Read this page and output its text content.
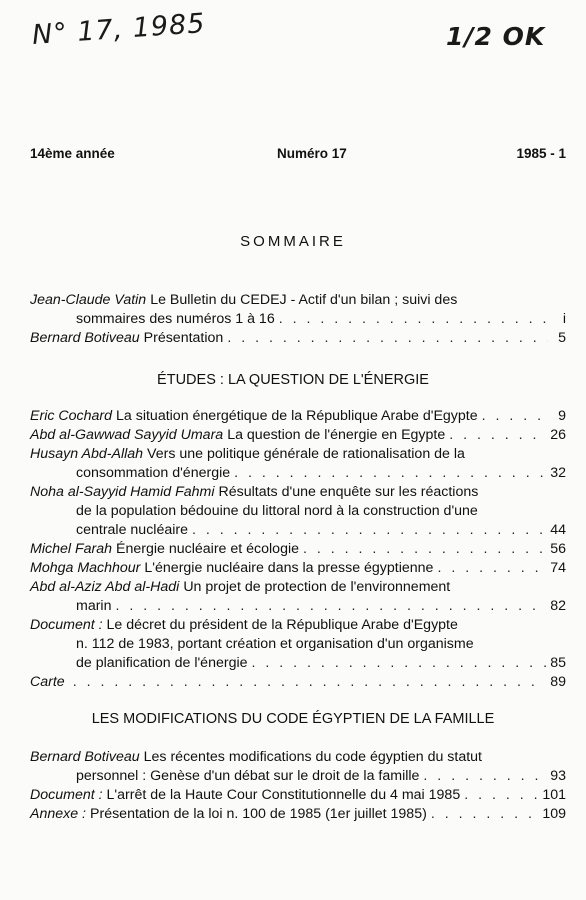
N° 17, 1985	1/2 OK
14ème année	Numéro 17	1985 - 1
SOMMAIRE
Jean-Claude Vatin Le Bulletin du CEDEJ - Actif d'un bilan ; suivi des
sommaires des numéros 1 à 16 . . .	i
Bernard Botiveau Présentation . . .	5
ÉTUDES : LA QUESTION DE L'ÉNERGIE
Eric Cochard La situation énergétique de la République Arabe d'Egypte . . .	9
Abd al-Gawwad Sayyid Umara La question de l'énergie en Egypte . . .	26
Husayn Abd-Allah Vers une politique générale de rationalisation de la
consommation d'énergie . . .	32
Noha al-Sayyid Hamid Fahmi Résultats d'une enquête sur les réactions
de la population bédouine du littoral nord à la construction d'une
centrale nucléaire . . .	44
Michel Farah Énergie nucléaire et écologie . . .	56
Mohga Machhour L'énergie nucléaire dans la presse égyptienne . . .	74
Abd al-Aziz Abd al-Hadi Un projet de protection de l'environnement
marin . . .	82
Document : Le décret du président de la République Arabe d'Egypte
n. 112 de 1983, portant création et organisation d'un organisme
de planification de l'énergie . . .	85
Carte . . .	89
LES MODIFICATIONS DU CODE ÉGYPTIEN DE LA FAMILLE
Bernard Botiveau Les récentes modifications du code égyptien du statut
personnel : Genèse d'un débat sur le droit de la famille . . .	93
Document : L'arrêt de la Haute Cour Constitutionnelle du 4 mai 1985 . . .	101
Annexe : Présentation de la loi n. 100 de 1985 (1er juillet 1985) . . .	109
